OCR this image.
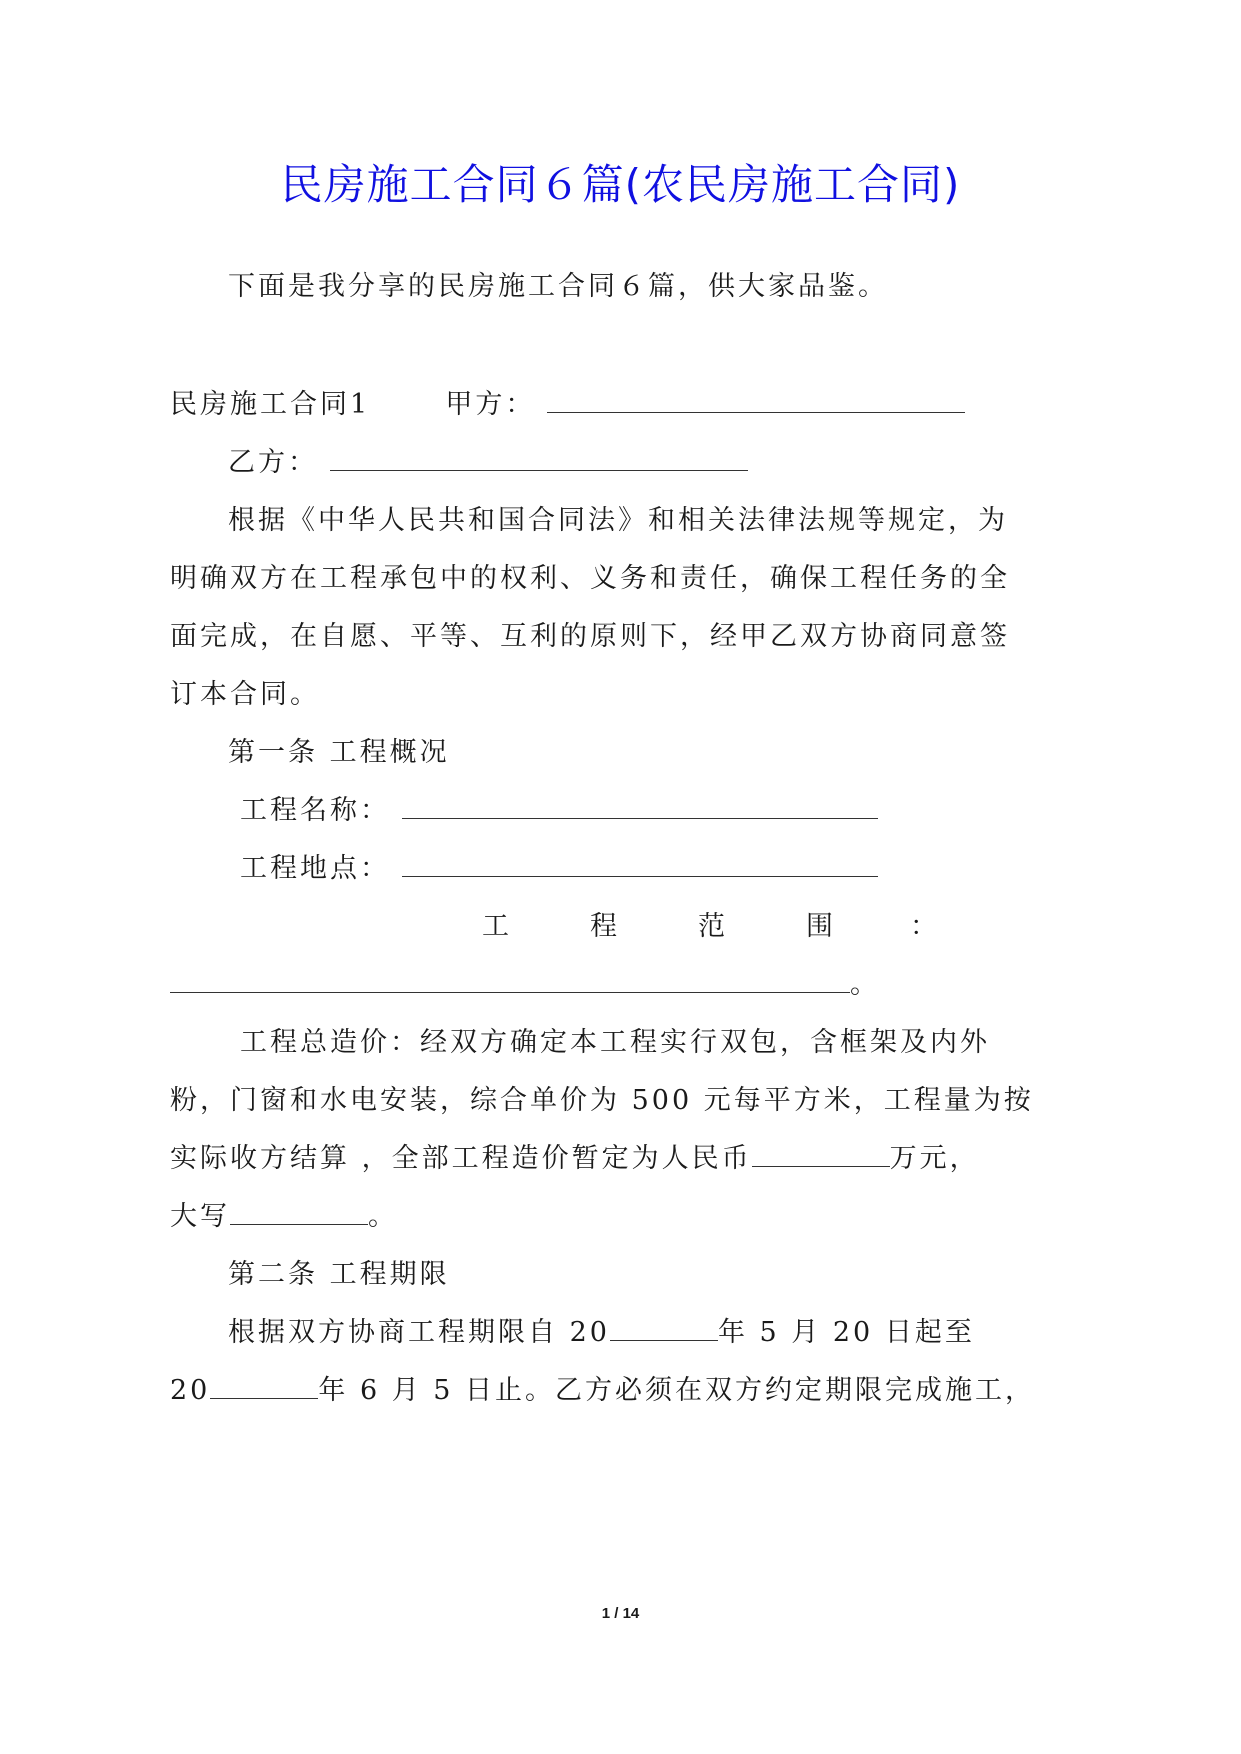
民房施工合同６篇(农民房施工合同)
下面是我分享的民房施工合同６篇，供大家品鉴。
民房施工合同1	甲方：
乙方：
根据《中华人民共和国合同法》和相关法律法规等规定，为
明确双方在工程承包中的权利、义务和责任，确保工程任务的全
面完成，在自愿、平等、互利的原则下，经甲乙双方协商同意签
订本合同。
第一条 工程概况
工程名称：
工程地点：
工	程	范	围	：
。
工程总造价：经双方确定本工程实行双包，含框架及内外
粉，门窗和水电安装，综合单价为 500 元每平方米，工程量为按
实际收方结算 ，全部工程造价暂定为人民币	万元，
大写	。
第二条 工程期限
根据双方协商工程期限自 20	年 5 月 20 日起至
20	年 6 月 5 日止。乙方必须在双方约定期限完成施工，
1 / 14
